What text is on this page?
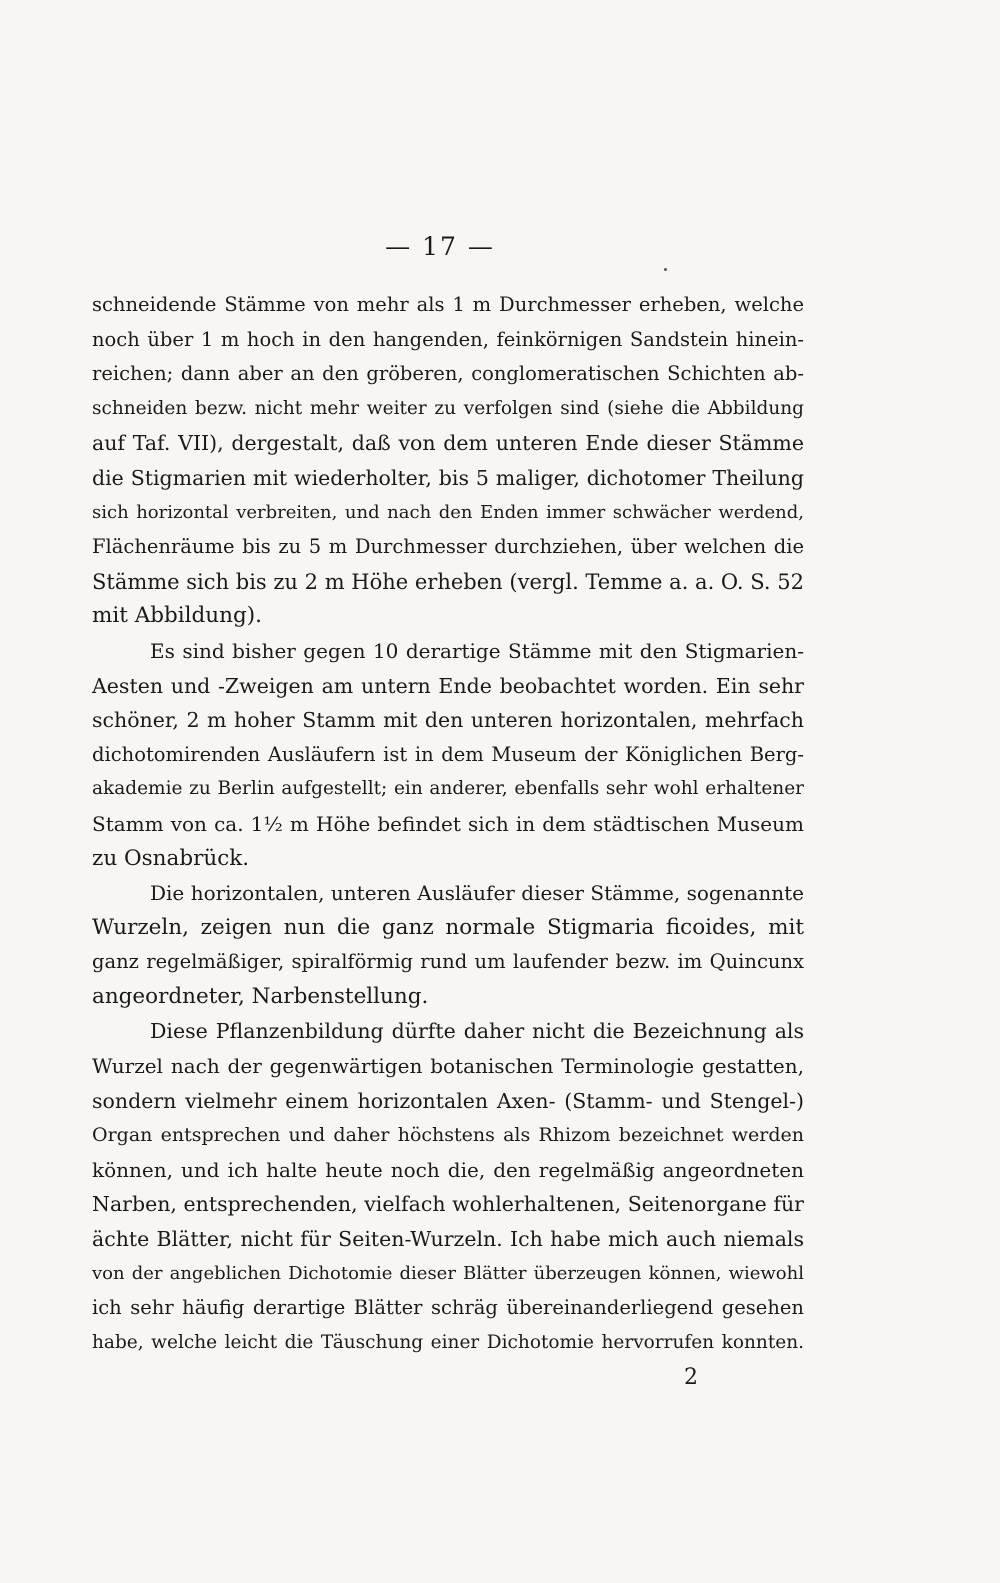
— 17 —
schneidende Stämme von mehr als 1 m Durchmesser erheben, welche
noch über 1 m hoch in den hangenden, feinkörnigen Sandstein hinein-
reichen; dann aber an den gröberen, conglomeratischen Schichten ab-
schneiden bezw. nicht mehr weiter zu verfolgen sind (siehe die Abbildung
auf Taf. VII), dergestalt, daß von dem unteren Ende dieser Stämme
die Stigmarien mit wiederholter, bis 5 maliger, dichotomer Theilung
sich horizontal verbreiten, und nach den Enden immer schwächer werdend,
Flächenräume bis zu 5 m Durchmesser durchziehen, über welchen die
Stämme sich bis zu 2 m Höhe erheben (vergl. Temme a. a. O. S. 52
mit Abbildung).
Es sind bisher gegen 10 derartige Stämme mit den Stigmarien-
Aesten und -Zweigen am untern Ende beobachtet worden. Ein sehr
schöner, 2 m hoher Stamm mit den unteren horizontalen, mehrfach
dichotomirenden Ausläufern ist in dem Museum der Königlichen Berg-
akademie zu Berlin aufgestellt; ein anderer, ebenfalls sehr wohl erhaltener
Stamm von ca. 1½ m Höhe befindet sich in dem städtischen Museum
zu Osnabrück.
Die horizontalen, unteren Ausläufer dieser Stämme, sogenannte
Wurzeln, zeigen nun die ganz normale Stigmaria ficoides, mit
ganz regelmäßiger, spiralförmig rund um laufender bezw. im Quincunx
angeordneter, Narbenstellung.
Diese Pflanzenbildung dürfte daher nicht die Bezeichnung als
Wurzel nach der gegenwärtigen botanischen Terminologie gestatten,
sondern vielmehr einem horizontalen Axen- (Stamm- und Stengel-)
Organ entsprechen und daher höchstens als Rhizom bezeichnet werden
können, und ich halte heute noch die, den regelmäßig angeordneten
Narben, entsprechenden, vielfach wohlerhaltenen, Seitenorgane für
ächte Blätter, nicht für Seiten-Wurzeln. Ich habe mich auch niemals
von der angeblichen Dichotomie dieser Blätter überzeugen können, wiewohl
ich sehr häufig derartige Blätter schräg übereinanderliegend gesehen
habe, welche leicht die Täuschung einer Dichotomie hervorrufen konnten.
2
